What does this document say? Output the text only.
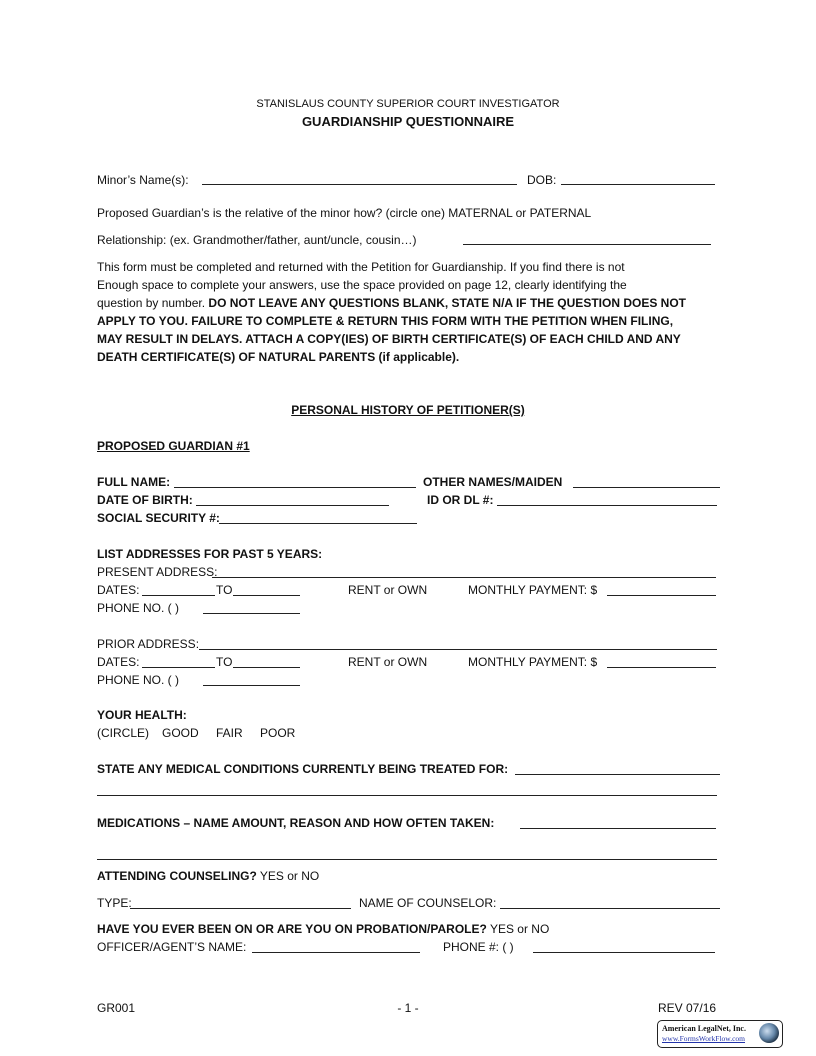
STANISLAUS COUNTY SUPERIOR COURT INVESTIGATOR
GUARDIANSHIP QUESTIONNAIRE
Minor’s Name(s):	DOB:
Proposed Guardian’s is the relative of the minor how? (circle one) MATERNAL or PATERNAL
Relationship: (ex. Grandmother/father, aunt/uncle, cousin…)
This form must be completed and returned with the Petition for Guardianship. If you find there is not
Enough space to complete your answers, use the space provided on page 12, clearly identifying the
question by number. DO NOT LEAVE ANY QUESTIONS BLANK, STATE N/A IF THE QUESTION DOES NOT
APPLY TO YOU. FAILURE TO COMPLETE & RETURN THIS FORM WITH THE PETITION WHEN FILING,
MAY RESULT IN DELAYS. ATTACH A COPY(IES) OF BIRTH CERTIFICATE(S) OF EACH CHILD AND ANY
DEATH CERTIFICATE(S) OF NATURAL PARENTS (if applicable).
PERSONAL HISTORY OF PETITIONER(S)
PROPOSED GUARDIAN #1
FULL NAME:	OTHER NAMES/MAIDEN
DATE OF BIRTH:	ID OR DL #:
SOCIAL SECURITY #:
LIST ADDRESSES FOR PAST 5 YEARS:
PRESENT ADDRESS:
DATES:	TO	RENT or OWN	MONTHLY PAYMENT: $
PHONE NO. ( )
PRIOR ADDRESS:
DATES:	TO	RENT or OWN	MONTHLY PAYMENT: $
PHONE NO. ( )
YOUR HEALTH:
(CIRCLE) GOOD FAIR POOR
STATE ANY MEDICAL CONDITIONS CURRENTLY BEING TREATED FOR:
MEDICATIONS – NAME AMOUNT, REASON AND HOW OFTEN TAKEN:
ATTENDING COUNSELING? YES or NO
TYPE:	NAME OF COUNSELOR:
HAVE YOU EVER BEEN ON OR ARE YOU ON PROBATION/PAROLE? YES or NO
OFFICER/AGENT’S NAME:	PHONE #: ( )
GR001	- 1 -	REV 07/16
American LegalNet, Inc.
www.FormsWorkFlow.com
